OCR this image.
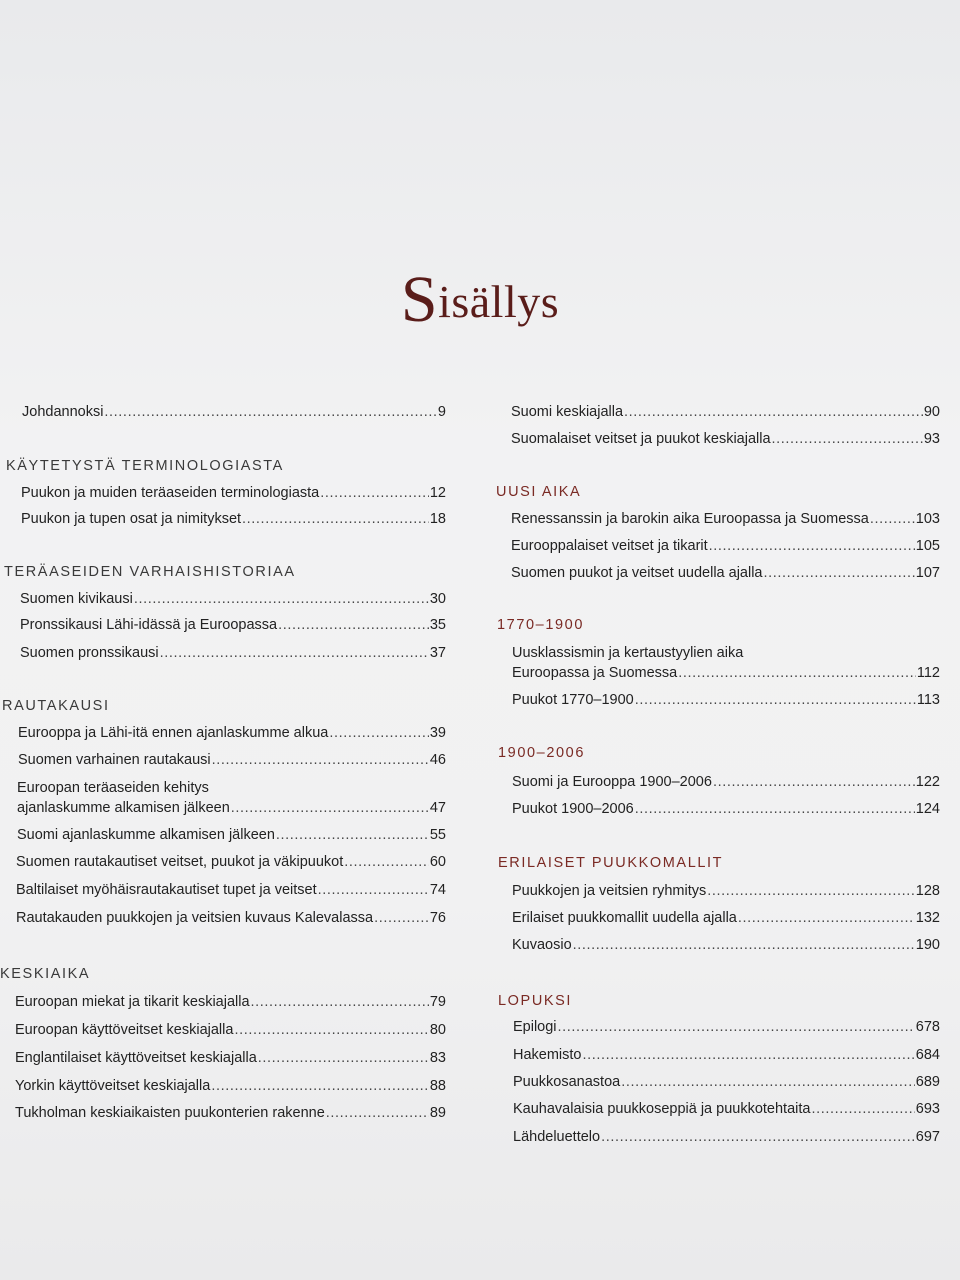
Sisällys
Johdannoksi .....	9
KÄYTETYSTÄ TERMINOLOGIASTA
Puukon ja muiden teräaseiden terminologiasta .....	12
Puukon ja tupen osat ja nimitykset .....	18
TERÄASEIDEN VARHAISHISTORIAA
Suomen kivikausi .....	30
Pronssikausi Lähi-idässä ja Euroopassa .....	35
Suomen pronssikausi .....	37
RAUTAKAUSI
Eurooppa ja Lähi-itä ennen ajanlaskumme alkua .....	39
Suomen varhainen rautakausi .....	46
Euroopan teräaseiden kehitys
ajanlaskumme alkamisen jälkeen .....	47
Suomi ajanlaskumme alkamisen jälkeen .....	55
Suomen rautakautiset veitset, puukot ja väkipuukot .....	60
Baltilaiset myöhäisrautakautiset tupet ja veitset .....	74
Rautakauden puukkojen ja veitsien kuvaus Kalevalassa .....	76
KESKIAIKA
Euroopan miekat ja tikarit keskiajalla .....	79
Euroopan käyttöveitset keskiajalla .....	80
Englantilaiset käyttöveitset keskiajalla .....	83
Yorkin käyttöveitset keskiajalla .....	88
Tukholman keskiaikaisten puukonterien rakenne .....	89
Suomi keskiajalla .....	90
Suomalaiset veitset ja puukot keskiajalla .....	93
UUSI AIKA
Renessanssin ja barokin aika Euroopassa ja Suomessa .....	103
Eurooppalaiset veitset ja tikarit .....	105
Suomen puukot ja veitset uudella ajalla .....	107
1770–1900
Uusklassismin ja kertaustyylien aika
Euroopassa ja Suomessa .....	112
Puukot 1770–1900 .....	113
1900–2006
Suomi ja Eurooppa 1900–2006 .....	122
Puukot 1900–2006 .....	124
ERILAISET PUUKKOMALLIT
Puukkojen ja veitsien ryhmitys .....	128
Erilaiset puukkomallit uudella ajalla .....	132
Kuvaosio .....	190
LOPUKSI
Epilogi .....	678
Hakemisto .....	684
Puukkosanastoa .....	689
Kauhavalaisia puukkoseppiä ja puukkotehtaita .....	693
Lähdeluettelo .....	697
